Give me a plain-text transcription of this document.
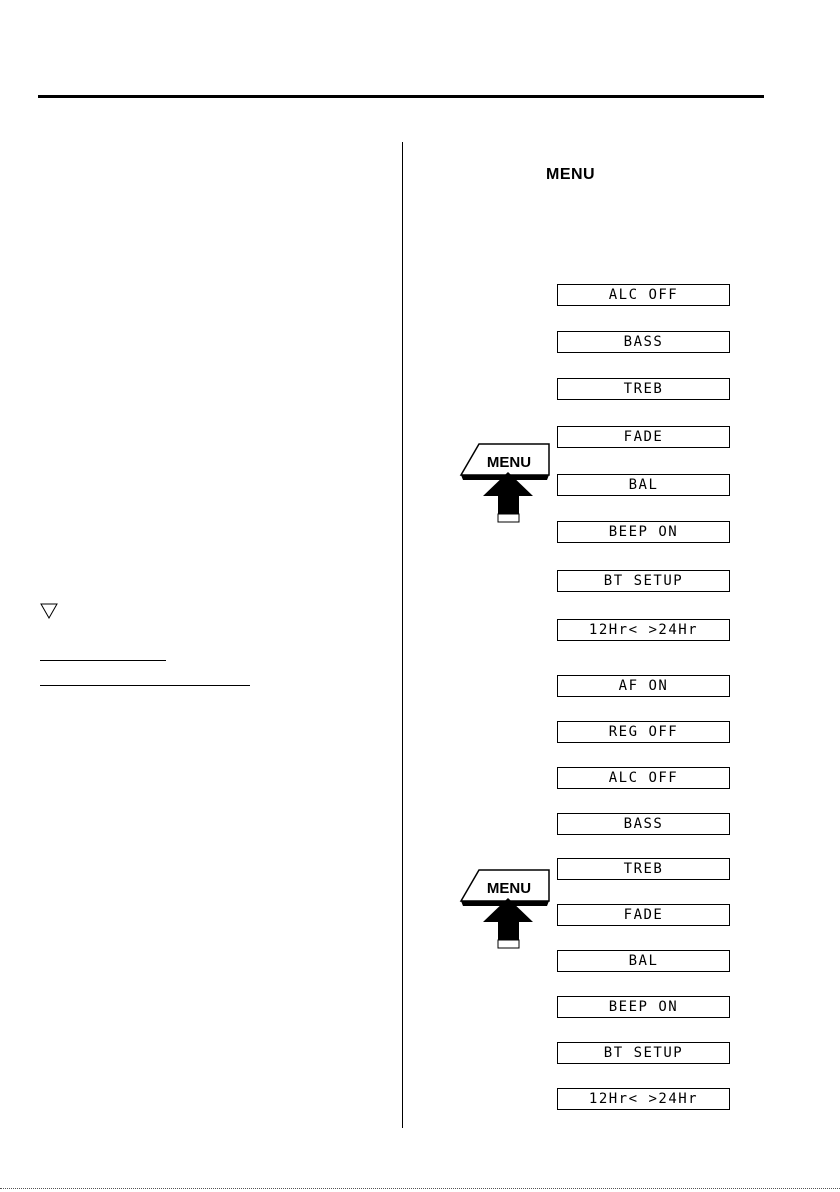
MENU
ALC OFF
BASS
TREB
FADE
BAL
BEEP ON
BT SETUP
12Hr< >24Hr
AF ON
REG OFF
ALC OFF
BASS
TREB
FADE
BAL
BEEP ON
BT SETUP
12Hr< >24Hr
MENU
MENU
